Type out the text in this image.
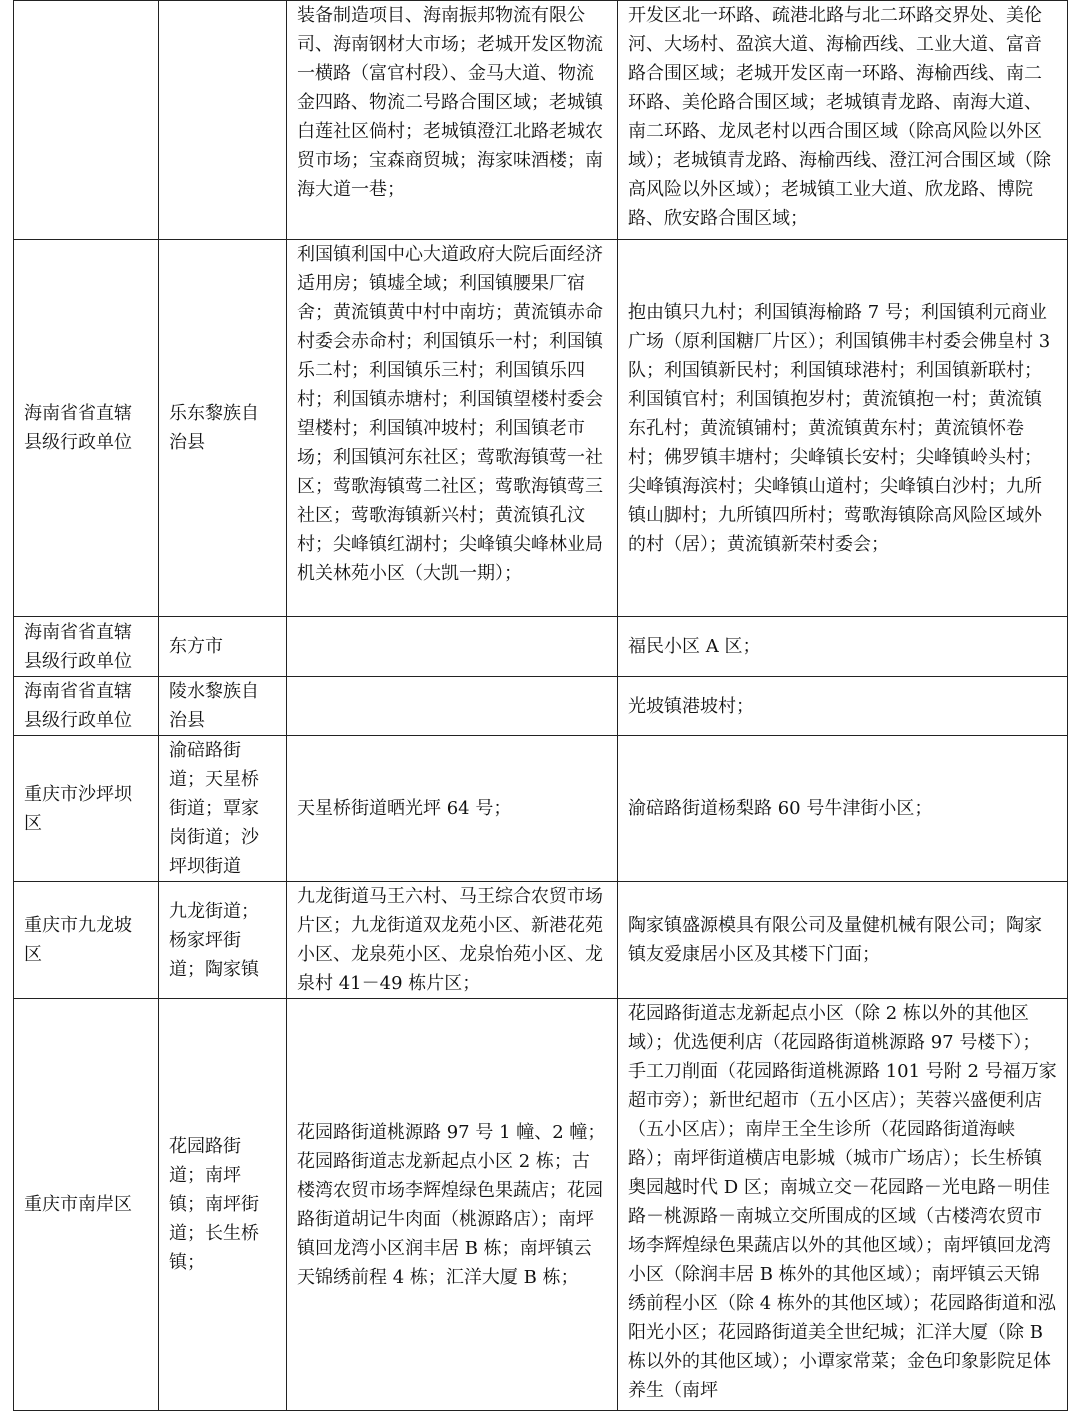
		装备制造项目、海南振邦物流有限公司、海南钢材大市场；老城开发区物流一横路（富官村段）、金马大道、物流金四路、物流二号路合围区域；老城镇白莲社区倘村；老城镇澄江北路老城农贸市场；宝森商贸城；海家味酒楼；南海大道一巷；	开发区北一环路、疏港北路与北二环路交界处、美伦河、大场村、盈滨大道、海榆西线、工业大道、富音路合围区域；老城开发区南一环路、海榆西线、南二环路、美伦路合围区域；老城镇青龙路、南海大道、南二环路、龙凤老村以西合围区域（除高风险以外区域）；老城镇青龙路、海榆西线、澄江河合围区域（除高风险以外区域）；老城镇工业大道、欣龙路、博院路、欣安路合围区域；
海南省省直辖县级行政单位	乐东黎族自治县	利国镇利国中心大道政府大院后面经济适用房；镇墟全域；利国镇腰果厂宿舍；黄流镇黄中村中南坊；黄流镇赤命村委会赤命村；利国镇乐一村；利国镇乐二村；利国镇乐三村；利国镇乐四村；利国镇赤塘村；利国镇望楼村委会望楼村；利国镇冲坡村；利国镇老市场；利国镇河东社区；莺歌海镇莺一社区；莺歌海镇莺二社区；莺歌海镇莺三社区；莺歌海镇新兴村；黄流镇孔汶村；尖峰镇红湖村；尖峰镇尖峰林业局机关林苑小区（大凯一期）；	抱由镇只九村；利国镇海榆路 7 号；利国镇利元商业广场（原利国糖厂片区）；利国镇佛丰村委会佛皇村 3 队；利国镇新民村；利国镇球港村；利国镇新联村；利国镇官村；利国镇抱岁村；黄流镇抱一村；黄流镇东孔村；黄流镇铺村；黄流镇黄东村；黄流镇怀卷村；佛罗镇丰塘村；尖峰镇长安村；尖峰镇岭头村；尖峰镇海滨村；尖峰镇山道村；尖峰镇白沙村；九所镇山脚村；九所镇四所村；莺歌海镇除高风险区域外的村（居）；黄流镇新荣村委会；
海南省省直辖县级行政单位	东方市		福民小区 A 区；
海南省省直辖县级行政单位	陵水黎族自治县		光坡镇港坡村；
重庆市沙坪坝区	渝碚路街道；天星桥街道；覃家岗街道；沙坪坝街道	天星桥街道晒光坪 64 号；	渝碚路街道杨梨路 60 号牛津街小区；
重庆市九龙坡区	九龙街道；杨家坪街道；陶家镇	九龙街道马王六村、马王综合农贸市场片区；九龙街道双龙苑小区、新港花苑小区、龙泉苑小区、龙泉怡苑小区、龙泉村 41－49 栋片区；	陶家镇盛源模具有限公司及量健机械有限公司；陶家镇友爱康居小区及其楼下门面；
重庆市南岸区	花园路街道；南坪镇；南坪街道；长生桥镇；	花园路街道桃源路 97 号 1 幢、2 幢；花园路街道志龙新起点小区 2 栋；古楼湾农贸市场李辉煌绿色果蔬店；花园路街道胡记牛肉面（桃源路店）；南坪镇回龙湾小区润丰居 B 栋；南坪镇云天锦绣前程 4 栋；汇洋大厦 B 栋；	花园路街道志龙新起点小区（除 2 栋以外的其他区域）；优选便利店（花园路街道桃源路 97 号楼下）；手工刀削面（花园路街道桃源路 101 号附 2 号福万家超市旁）；新世纪超市（五小区店）；芙蓉兴盛便利店（五小区店）；南岸王全生诊所（花园路街道海峡路）；南坪街道横店电影城（城市广场店）；长生桥镇奥园越时代 D 区；南城立交－花园路－光电路－明佳路－桃源路－南城立交所围成的区域（古楼湾农贸市场李辉煌绿色果蔬店以外的其他区域）；南坪镇回龙湾小区（除润丰居 B 栋外的其他区域）；南坪镇云天锦绣前程小区（除 4 栋外的其他区域）；花园路街道和泓阳光小区；花园路街道美全世纪城；汇洋大厦（除 B 栋以外的其他区域）；小谭家常菜；金色印象影院足体养生（南坪
